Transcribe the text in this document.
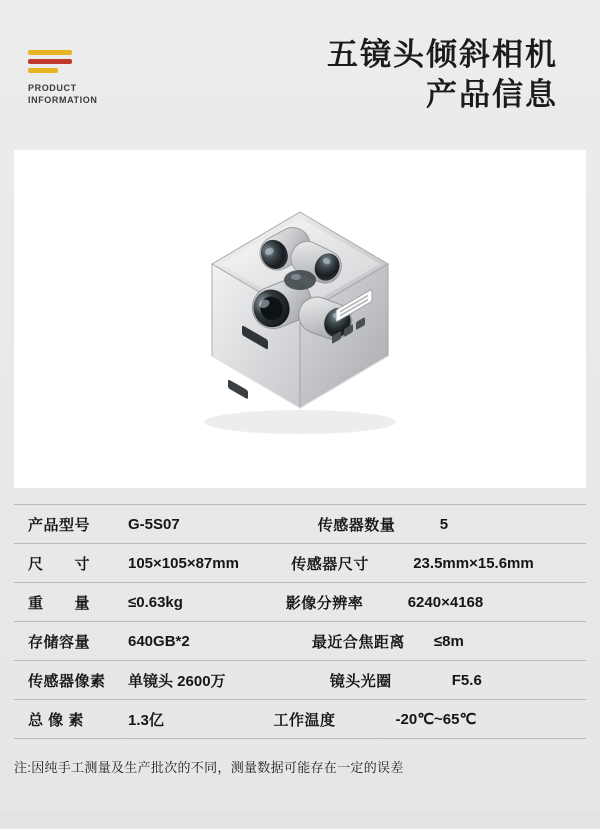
PRODUCT
INFORMATION
五镜头倾斜相机
产品信息
产品型号	G-5S07	传感器数量	5
尺　　寸	105×105×87mm	传感器尺寸	23.5mm×15.6mm
重　　量	≤0.63kg	影像分辨率	6240×4168
存储容量	640GB*2	最近合焦距离	≤8m
传感器像素	单镜头 2600万	镜头光圈	F5.6
总 像 素	1.3亿	工作温度	-20℃~65℃
注:因纯手工测量及生产批次的不同，测量数据可能存在一定的误差
